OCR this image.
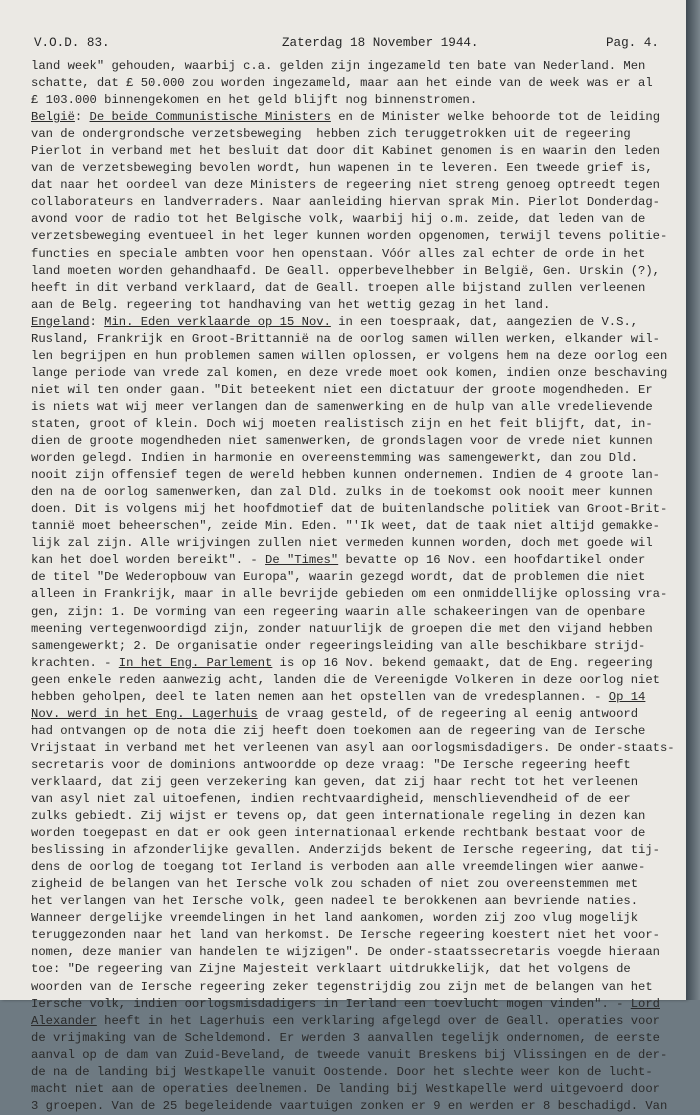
V.O.D. 83.	Zaterdag 18 November 1944.	Pag. 4.
land week" gehouden, waarbij c.a. gelden zijn ingezameld ten bate van Nederland. Men
schatte, dat £ 50.000 zou worden ingezameld, maar aan het einde van de week was er al
£ 103.000 binnengekomen en het geld blijft nog binnenstromen.
België: De beide Communistische Ministers en de Minister welke behoorde tot de leiding
van de ondergrondsche verzetsbeweging  hebben zich teruggetrokken uit de regeering
Pierlot in verband met het besluit dat door dit Kabinet genomen is en waarin den leden
van de verzetsbeweging bevolen wordt, hun wapenen in te leveren. Een tweede grief is,
dat naar het oordeel van deze Ministers de regeering niet streng genoeg optreedt tegen
collaborateurs en landverraders. Naar aanleiding hiervan sprak Min. Pierlot Donderdag-
avond voor de radio tot het Belgische volk, waarbij hij o.m. zeide, dat leden van de
verzetsbeweging eventueel in het leger kunnen worden opgenomen, terwijl tevens politie-
functies en speciale ambten voor hen openstaan. Vóór alles zal echter de orde in het
land moeten worden gehandhaafd. De Geall. opperbevelhebber in België, Gen. Urskin (?),
heeft in dit verband verklaard, dat de Geall. troepen alle bijstand zullen verleenen
aan de Belg. regeering tot handhaving van het wettig gezag in het land.
Engeland: Min. Eden verklaarde op 15 Nov. in een toespraak, dat, aangezien de V.S.,
Rusland, Frankrijk en Groot-Brittannië na de oorlog samen willen werken, elkander wil-
len begrijpen en hun problemen samen willen oplossen, er volgens hem na deze oorlog een
lange periode van vrede zal komen, en deze vrede moet ook komen, indien onze beschaving
niet wil ten onder gaan. "Dit beteekent niet een dictatuur der groote mogendheden. Er
is niets wat wij meer verlangen dan de samenwerking en de hulp van alle vredelievende
staten, groot of klein. Doch wij moeten realistisch zijn en het feit blijft, dat, in-
dien de groote mogendheden niet samenwerken, de grondslagen voor de vrede niet kunnen
worden gelegd. Indien in harmonie en overeenstemming was samengewerkt, dan zou Dld.
nooit zijn offensief tegen de wereld hebben kunnen ondernemen. Indien de 4 groote lan-
den na de oorlog samenwerken, dan zal Dld. zulks in de toekomst ook nooit meer kunnen
doen. Dit is volgens mij het hoofdmotief dat de buitenlandsche politiek van Groot-Brit-
tannië moet beheerschen", zeide Min. Eden. "'Ik weet, dat de taak niet altijd gemakke-
lijk zal zijn. Alle wrijvingen zullen niet vermeden kunnen worden, doch met goede wil
kan het doel worden bereikt". - De "Times" bevatte op 16 Nov. een hoofdartikel onder
de titel "De Wederopbouw van Europa", waarin gezegd wordt, dat de problemen die niet
alleen in Frankrijk, maar in alle bevrijde gebieden om een onmiddellijke oplossing vra-
gen, zijn: 1. De vorming van een regeering waarin alle schakeeringen van de openbare
meening vertegenwoordigd zijn, zonder natuurlijk de groepen die met den vijand hebben
samengewerkt; 2. De organisatie onder regeeringsleiding van alle beschikbare strijd-
krachten. - In het Eng. Parlement is op 16 Nov. bekend gemaakt, dat de Eng. regeering
geen enkele reden aanwezig acht, landen die de Vereenigde Volkeren in deze oorlog niet
hebben geholpen, deel te laten nemen aan het opstellen van de vredesplannen. - Op 14
Nov. werd in het Eng. Lagerhuis de vraag gesteld, of de regeering al eenig antwoord
had ontvangen op de nota die zij heeft doen toekomen aan de regeering van de Iersche
Vrijstaat in verband met het verleenen van asyl aan oorlogsmisdadigers. De onder-staats-
secretaris voor de dominions antwoordde op deze vraag: "De Iersche regeering heeft
verklaard, dat zij geen verzekering kan geven, dat zij haar recht tot het verleenen
van asyl niet zal uitoefenen, indien rechtvaardigheid, menschlievendheid of de eer
zulks gebiedt. Zij wijst er tevens op, dat geen internationale regeling in dezen kan
worden toegepast en dat er ook geen internationaal erkende rechtbank bestaat voor de
beslissing in afzonderlijke gevallen. Anderzijds bekent de Iersche regeering, dat tij-
dens de oorlog de toegang tot Ierland is verboden aan alle vreemdelingen wier aanwe-
zigheid de belangen van het Iersche volk zou schaden of niet zou overeenstemmen met
het verlangen van het Iersche volk, geen nadeel te berokkenen aan bevriende naties.
Wanneer dergelijke vreemdelingen in het land aankomen, worden zij zoo vlug mogelijk
teruggezonden naar het land van herkomst. De Iersche regeering koestert niet het voor-
nomen, deze manier van handelen te wijzigen". De onder-staatssecretaris voegde hieraan
toe: "De regeering van Zijne Majesteit verklaart uitdrukkelijk, dat het volgens de
woorden van de Iersche regeering zeker tegenstrijdig zou zijn met de belangen van het
Iersche volk, indien oorlogsmisdadigers in Ierland een toevlucht mogen vinden". - Lord
Alexander heeft in het Lagerhuis een verklaring afgelegd over de Geall. operaties voor
de vrijmaking van de Scheldemond. Er werden 3 aanvallen tegelijk ondernomen, de eerste
aanval op de dam van Zuid-Beveland, de tweede vanuit Breskens bij Vlissingen en de der-
de na de landing bij Westkapelle vanuit Oostende. Door het slechte weer kon de lucht-
macht niet aan de operaties deelnemen. De landing bij Westkapelle werd uitgevoerd door
3 groepen. Van de 25 begeleidende vaartuigen zonken er 9 en werden er 8 beschadigd. Van
